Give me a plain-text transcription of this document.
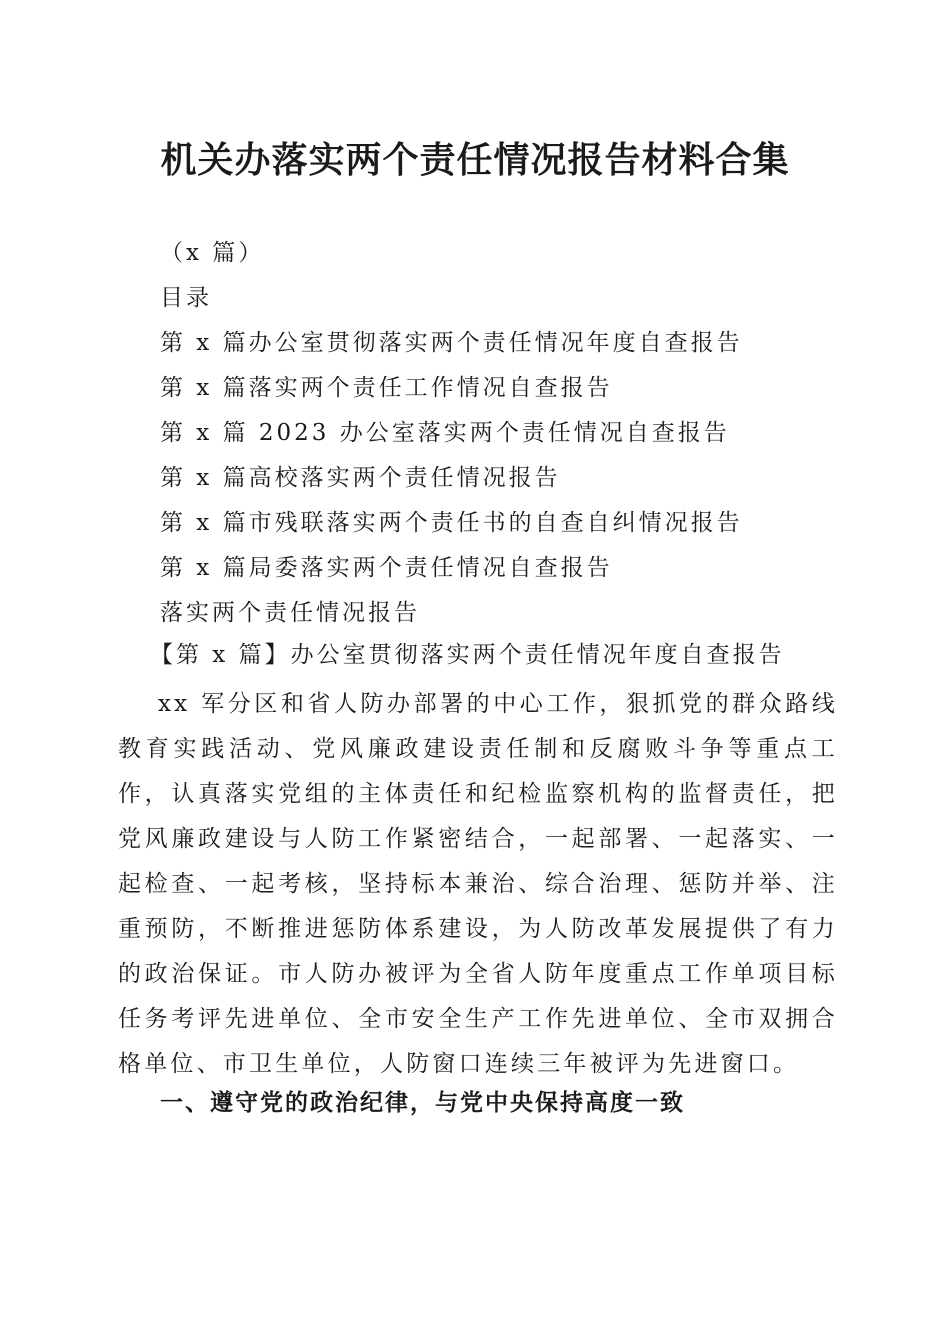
机关办落实两个责任情况报告材料合集
（x 篇）
目录
第 x 篇办公室贯彻落实两个责任情况年度自查报告
第 x 篇落实两个责任工作情况自查报告
第 x 篇 2023 办公室落实两个责任情况自查报告
第 x 篇高校落实两个责任情况报告
第 x 篇市残联落实两个责任书的自查自纠情况报告
第 x 篇局委落实两个责任情况自查报告
落实两个责任情况报告
【第 x 篇】办公室贯彻落实两个责任情况年度自查报告
xx 军分区和省人防办部署的中心工作，狠抓党的群众路线教育实践活动、党风廉政建设责任制和反腐败斗争等重点工作，认真落实党组的主体责任和纪检监察机构的监督责任，把党风廉政建设与人防工作紧密结合，一起部署、一起落实、一起检查、一起考核，坚持标本兼治、综合治理、惩防并举、注重预防，不断推进惩防体系建设，为人防改革发展提供了有力的政治保证。市人防办被评为全省人防年度重点工作单项目标任务考评先进单位、全市安全生产工作先进单位、全市双拥合格单位、市卫生单位，人防窗口连续三年被评为先进窗口。
一、遵守党的政治纪律，与党中央保持高度一致
